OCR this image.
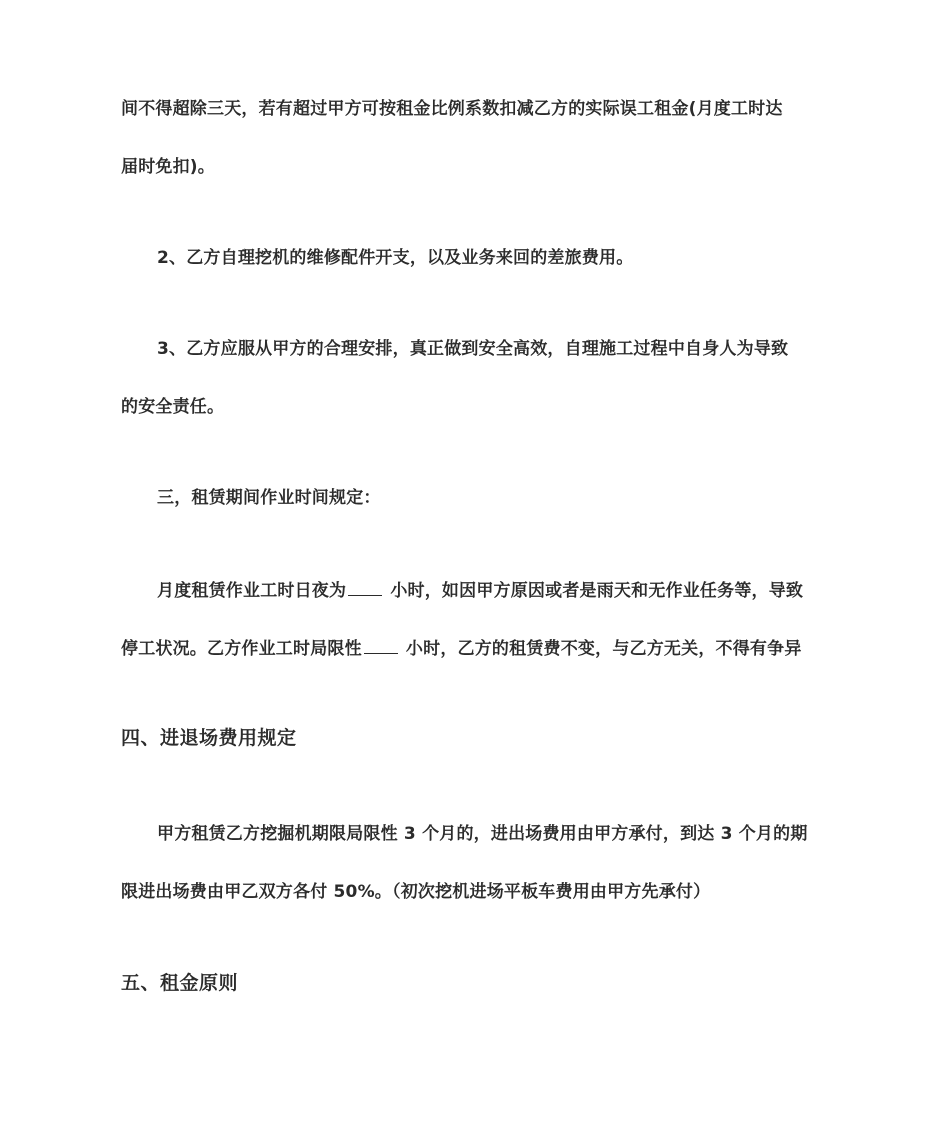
间不得超除三天，若有超过甲方可按租金比例系数扣减乙方的实际误工租金(月度工时达
届时免扣)。
2、乙方自理挖机的维修配件开支，以及业务来回的差旅费用。
3、乙方应服从甲方的合理安排，真正做到安全高效，自理施工过程中自身人为导致
的安全责任。
三，租赁期间作业时间规定：
月度租赁作业工时日夜为 小时，如因甲方原因或者是雨天和无作业任务等，导致
停工状况。乙方作业工时局限性 小时，乙方的租赁费不变，与乙方无关，不得有争异
四、进退场费用规定
甲方租赁乙方挖掘机期限局限性 3 个月的，进出场费用由甲方承付，到达 3 个月的期
限进出场费由甲乙双方各付 50%。（初次挖机进场平板车费用由甲方先承付）
五、租金原则
